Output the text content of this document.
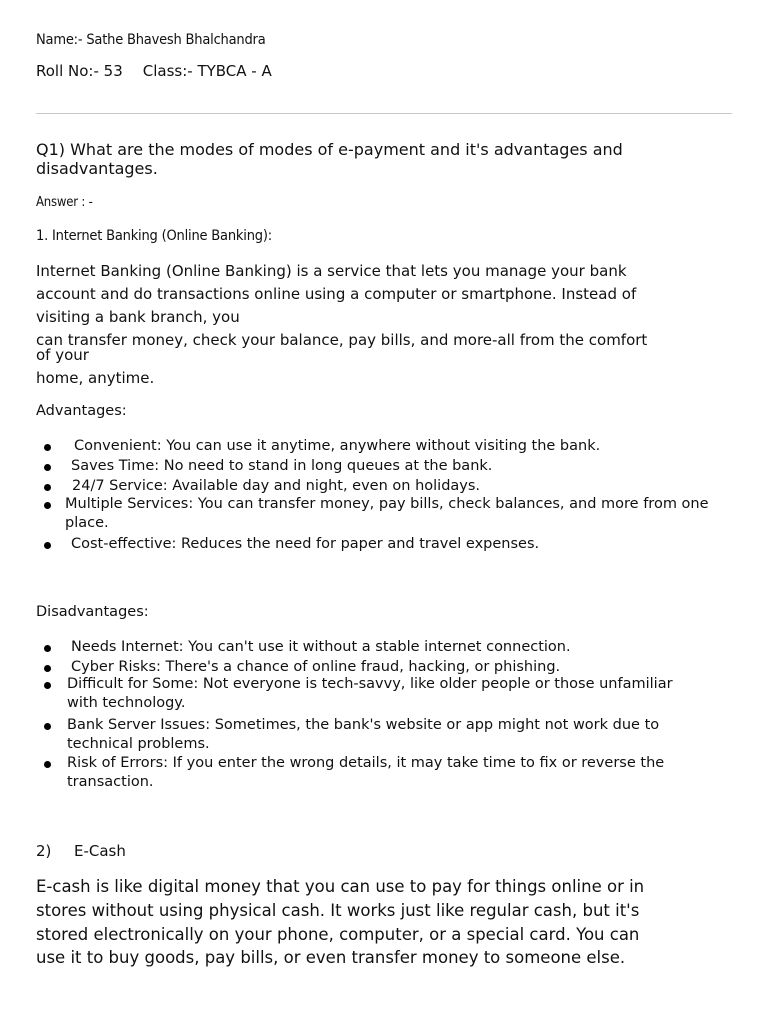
Name:- Sathe Bhavesh Bhalchandra
Roll No:- 53 Class:- TYBCA - A
Q1) What are the modes of modes of e-payment and it's advantages and disadvantages.
Answer : -
1. Internet Banking (Online Banking):
Internet Banking (Online Banking) is a service that lets you manage your bank
account and do transactions online using a computer or smartphone. Instead of
visiting a bank branch, you
can transfer money, check your balance, pay bills, and more-all from the comfort
of your
home, anytime.
Advantages:
Convenient: You can use it anytime, anywhere without visiting the bank.
Saves Time: No need to stand in long queues at the bank.
24/7 Service: Available day and night, even on holidays.
Multiple Services: You can transfer money, pay bills, check balances, and more from one place.
Cost-effective: Reduces the need for paper and travel expenses.
Disadvantages:
Needs Internet: You can't use it without a stable internet connection.
Cyber Risks: There's a chance of online fraud, hacking, or phishing.
Difficult for Some: Not everyone is tech-savvy, like older people or those unfamiliar with technology.
Bank Server Issues: Sometimes, the bank's website or app might not work due to technical problems.
Risk of Errors: If you enter the wrong details, it may take time to fix or reverse the transaction.
2) E-Cash
E-cash is like digital money that you can use to pay for things online or in
stores without using physical cash. It works just like regular cash, but it's
stored electronically on your phone, computer, or a special card. You can
use it to buy goods, pay bills, or even transfer money to someone else.
